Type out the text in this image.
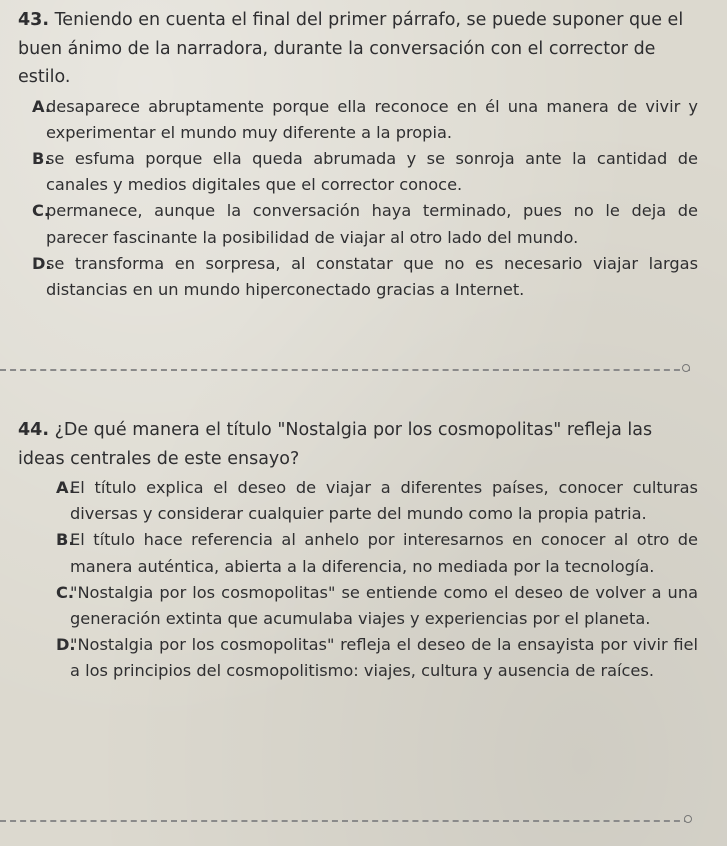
43. Teniendo en cuenta el final del primer párrafo, se puede suponer que el buen ánimo de la narradora, durante la conversación con el corrector de estilo.

A.
desaparece abruptamente porque ella reconoce en él una manera de vivir y experimentar el mundo muy diferente a la propia.
B.
se esfuma porque ella queda abrumada y se sonroja ante la cantidad de canales y medios digitales que el corrector conoce.
C.
permanece, aunque la conversación haya terminado, pues no le deja de parecer fascinante la posibilidad de viajar al otro lado del mundo.
D.
se transforma en sorpresa, al constatar que no es necesario viajar largas distancias en un mundo hiperconectado gracias a Internet.

44. ¿De qué manera el título "Nostalgia por los cosmopolitas" refleja las ideas centrales de este ensayo?

A.
El título explica el deseo de viajar a diferentes países, conocer culturas diversas y considerar cualquier parte del mundo como la propia patria.
B.
El título hace referencia al anhelo por interesarnos en conocer al otro de manera auténtica, abierta a la diferencia, no mediada por la tecnología.
C.
"Nostalgia por los cosmopolitas" se entiende como el deseo de volver a una generación extinta que acumulaba viajes y experiencias por el planeta.
D.
"Nostalgia por los cosmopolitas" refleja el deseo de la ensayista por vivir fiel a los principios del cosmopolitismo: viajes, cultura y ausencia de raíces.
